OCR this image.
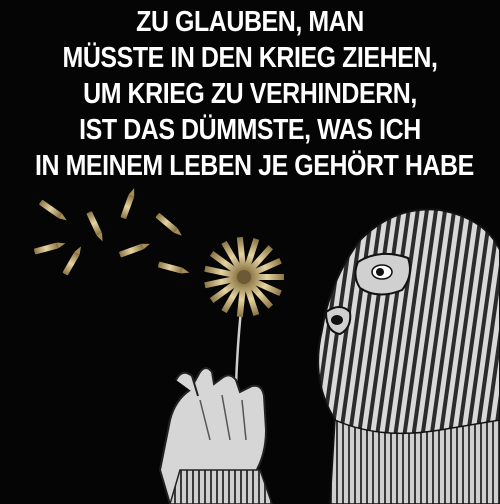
ZU GLAUBEN, MAN
MÜSSTE IN DEN KRIEG ZIEHEN,
UM KRIEG ZU VERHINDERN,
IST DAS DÜMMSTE, WAS ICH
IN MEINEM LEBEN JE GEHÖRT HABE
